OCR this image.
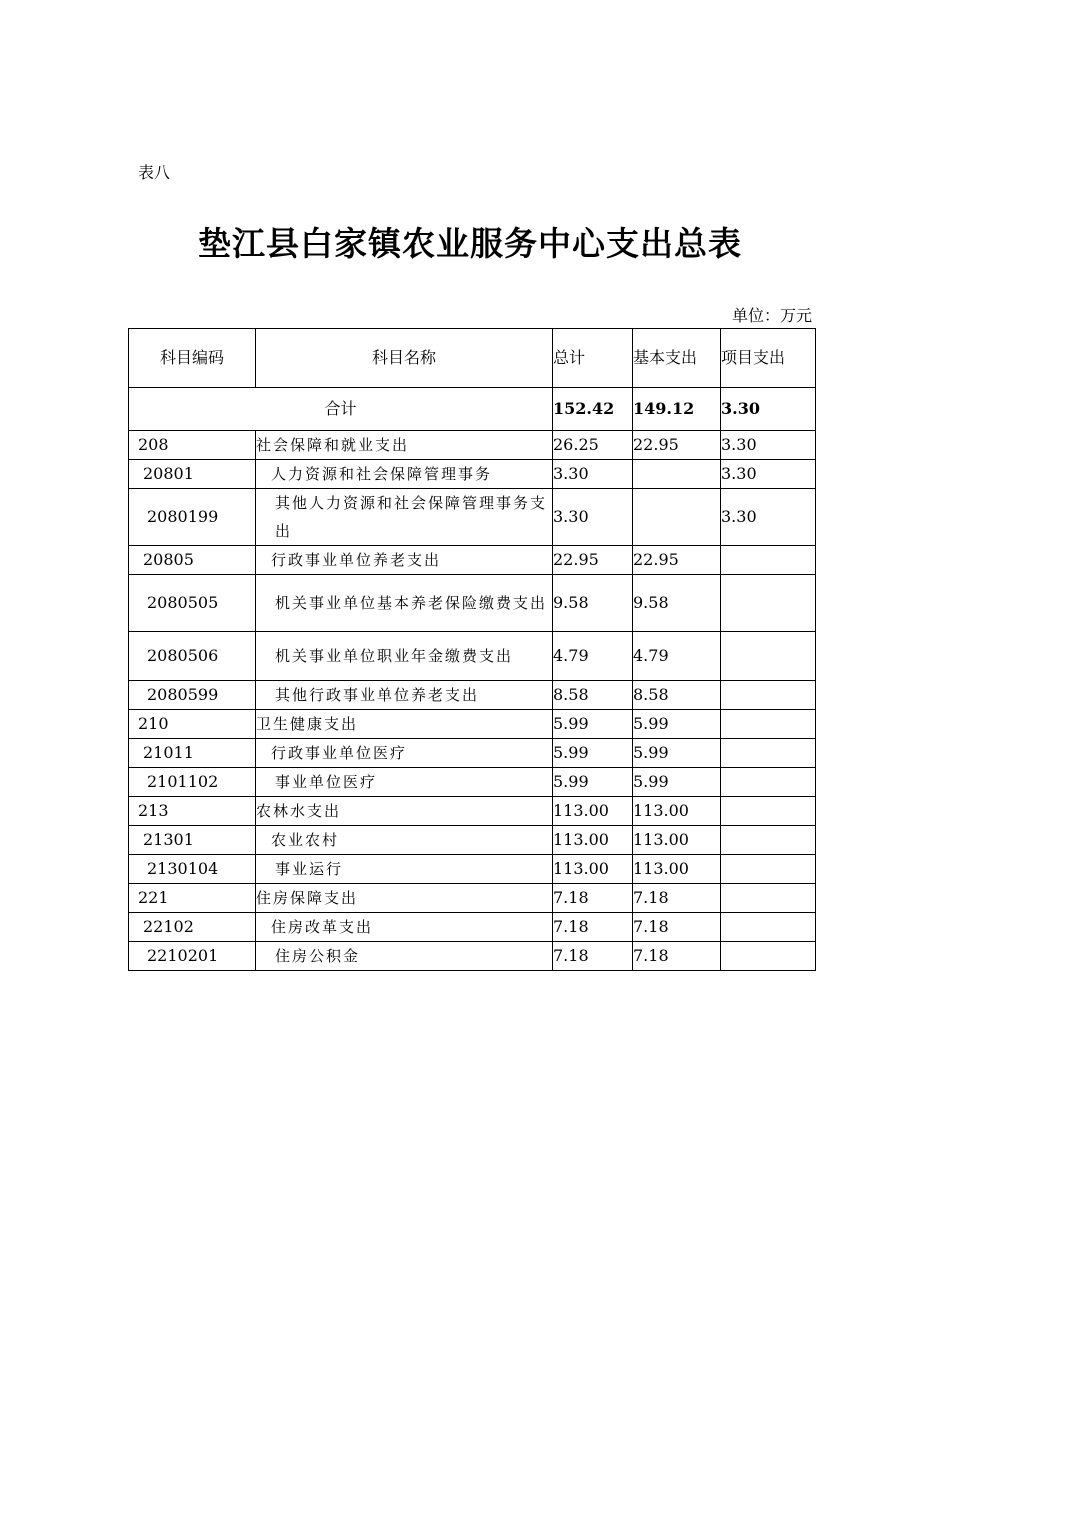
表八
垫江县白家镇农业服务中心支出总表
单位：万元
科目编码	科目名称	总计	基本支出	项目支出
合计		152.42	149.12	3.30
208	社会保障和就业支出	26.25	22.95	3.30
20801	人力资源和社会保障管理事务	3.30		3.30
2080199	其他人力资源和社会保障管理事务支出	3.30		3.30
20805	行政事业单位养老支出	22.95	22.95	
2080505	机关事业单位基本养老保险缴费支出	9.58	9.58	
2080506	机关事业单位职业年金缴费支出	4.79	4.79	
2080599	其他行政事业单位养老支出	8.58	8.58	
210	卫生健康支出	5.99	5.99	
21011	行政事业单位医疗	5.99	5.99	
2101102	事业单位医疗	5.99	5.99	
213	农林水支出	113.00	113.00	
21301	农业农村	113.00	113.00	
2130104	事业运行	113.00	113.00	
221	住房保障支出	7.18	7.18	
22102	住房改革支出	7.18	7.18	
2210201	住房公积金	7.18	7.18	
